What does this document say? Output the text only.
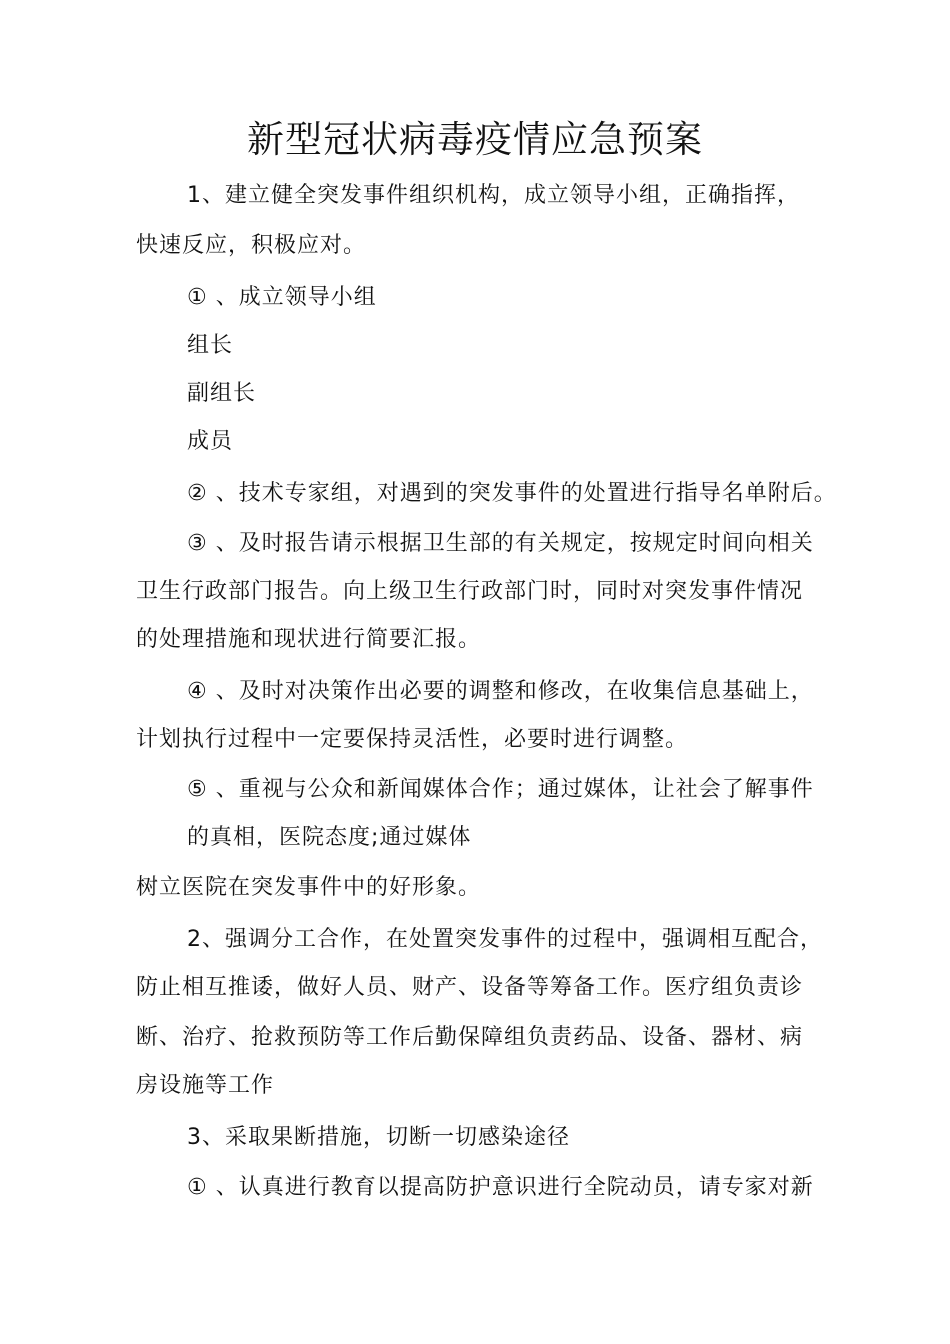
新型冠状病毒疫情应急预案
1、建立健全突发事件组织机构，成立领导小组，正确指挥，
快速反应，积极应对。
① 、成立领导小组
组长
副组长
成员
② 、技术专家组，对遇到的突发事件的处置进行指导名单附后。
③ 、及时报告请示根据卫生部的有关规定，按规定时间向相关
卫生行政部门报告。向上级卫生行政部门时，同时对突发事件情况
的处理措施和现状进行简要汇报。
④ 、及时对决策作出必要的调整和修改，在收集信息基础上，
计划执行过程中一定要保持灵活性，必要时进行调整。
⑤ 、重视与公众和新闻媒体合作；通过媒体，让社会了解事件
的真相，医院态度;通过媒体
树立医院在突发事件中的好形象。
2、强调分工合作，在处置突发事件的过程中，强调相互配合，
防止相互推诿，做好人员、财产、设备等筹备工作。医疗组负责诊
断、治疗、抢救预防等工作后勤保障组负责药品、设备、器材、病
房设施等工作
3、采取果断措施，切断一切感染途径
① 、认真进行教育以提高防护意识进行全院动员，请专家对新
